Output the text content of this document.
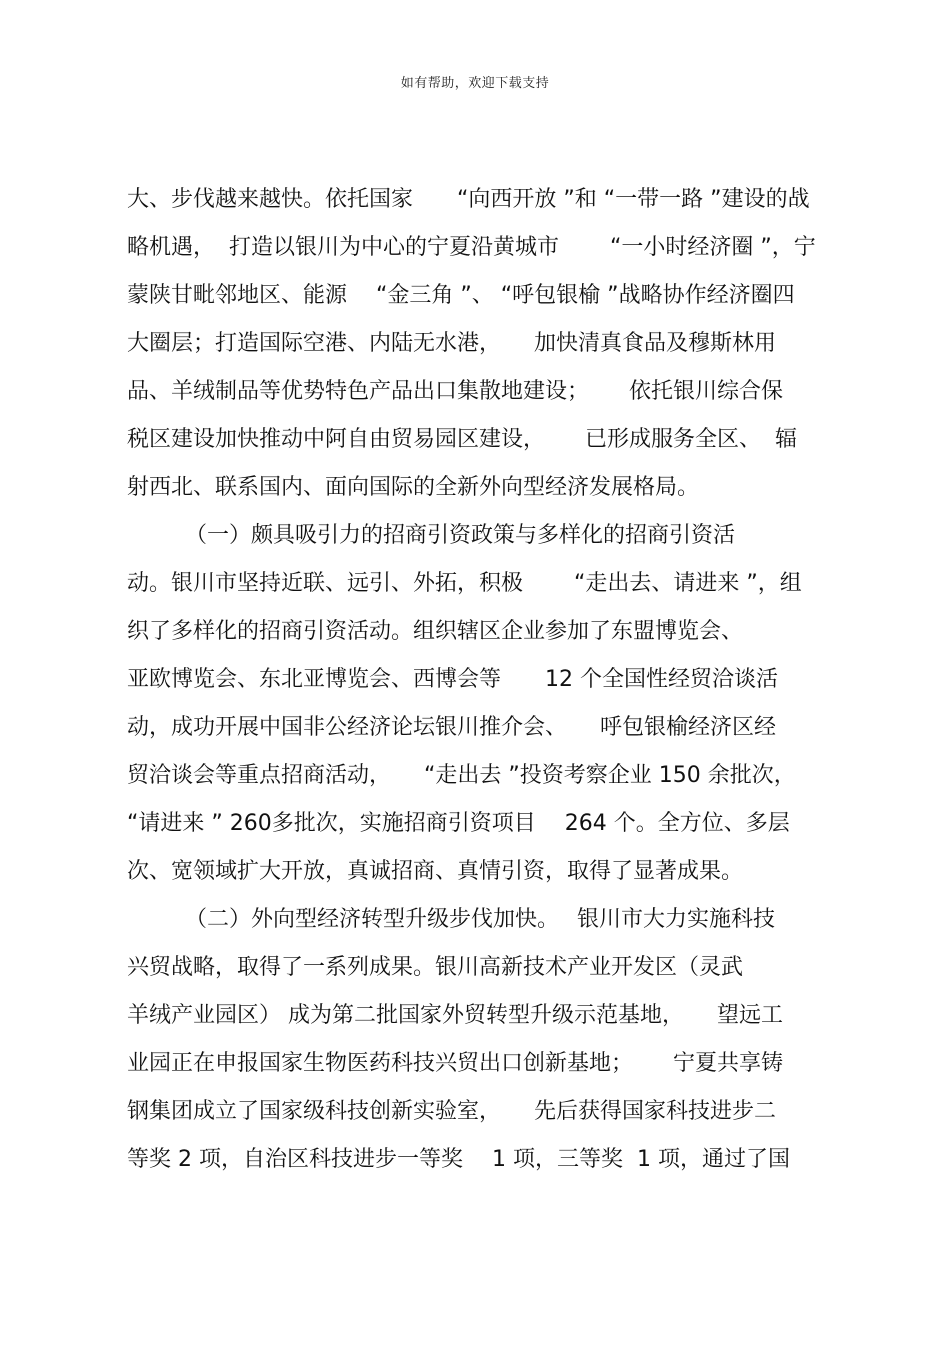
如有帮助，欢迎下载支持
大、步伐越来越快。依托国家　　“向西开放 ”和 “一带一路 ”建设的战
略机遇，  打造以银川为中心的宁夏沿黄城市　　 “一小时经济圈 ”，宁
蒙陕甘毗邻地区、能源　 “金三角 ”、 “呼包银榆 ”战略协作经济圈四
大圈层；打造国际空港、内陆无水港，　　加快清真食品及穆斯林用
品、羊绒制品等优势特色产品出口集散地建设；　　 依托银川综合保
税区建设加快推动中阿自由贸易园区建设，　　 已形成服务全区、  辐
射西北、联系国内、面向国际的全新外向型经济发展格局。
（一）颇具吸引力的招商引资政策与多样化的招商引资活
动。银川市坚持近联、远引、外拓，积极　　 “走出去、请进来 ”，组
织了多样化的招商引资活动。组织辖区企业参加了东盟博览会、
亚欧博览会、东北亚博览会、西博会等　　12 个全国性经贸洽谈活
动，成功开展中国非公经济论坛银川推介会、　　呼包银榆经济区经
贸洽谈会等重点招商活动，　　“走出去 ”投资考察企业 150 余批次，
“请进来 ” 260多批次，实施招商引资项目　 264 个。全方位、多层
次、宽领域扩大开放，真诚招商、真情引资，取得了显著成果。
（二）外向型经济转型升级步伐加快。　 银川市大力实施科技
兴贸战略，取得了一系列成果。银川高新技术产业开发区（灵武
羊绒产业园区） 成为第二批国家外贸转型升级示范基地，　　望远工
业园正在申报国家生物医药科技兴贸出口创新基地；　　 宁夏共享铸
钢集团成立了国家级科技创新实验室，　　先后获得国家科技进步二
等奖 2 项，自治区科技进步一等奖　 1 项，三等奖  1 项，通过了国
